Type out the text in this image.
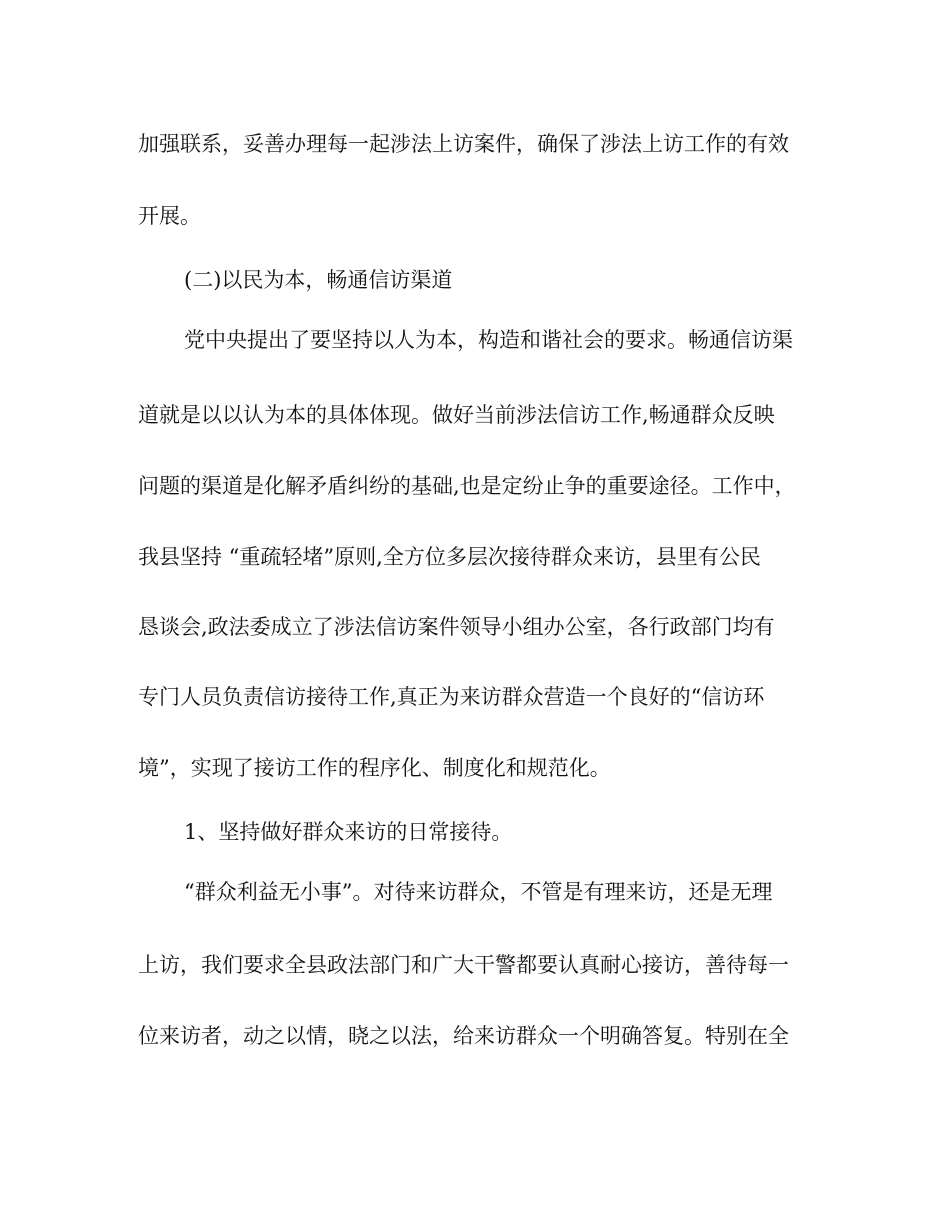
加强联系，妥善办理每一起涉法上访案件，确保了涉法上访工作的有效
开展。
(二)以民为本，畅通信访渠道
党中央提出了要坚持以人为本，构造和谐社会的要求。畅通信访渠
道就是以以认为本的具体体现。做好当前涉法信访工作,畅通群众反映
问题的渠道是化解矛盾纠纷的基础,也是定纷止争的重要途径。工作中，
我县坚持 “重疏轻堵”原则,全方位多层次接待群众来访，县里有公民
恳谈会,政法委成立了涉法信访案件领导小组办公室，各行政部门均有
专门人员负责信访接待工作,真正为来访群众营造一个良好的“信访环
境”，实现了接访工作的程序化、制度化和规范化。
1、坚持做好群众来访的日常接待。
“群众利益无小事”。对待来访群众，不管是有理来访，还是无理
上访，我们要求全县政法部门和广大干警都要认真耐心接访，善待每一
位来访者，动之以情，晓之以法，给来访群众一个明确答复。特别在全
